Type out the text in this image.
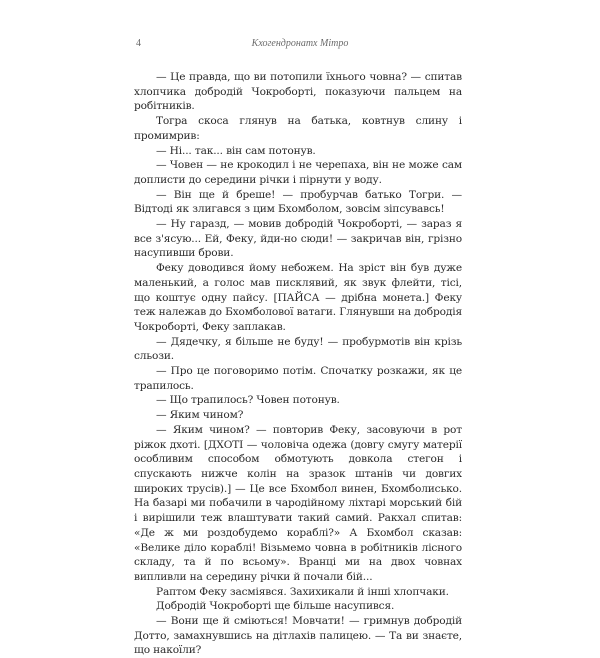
4	Кхогендронатх Мітро

— Це правда, що ви потопили їхнього човна? — спитав хлопчика добродій Чокроборті, показуючи пальцем на робітників.

Тогра скоса глянув на батька, ковтнув слину і промимрив:

— Ні... так... він сам потонув.

— Човен — не крокодил і не черепаха, він не може сам доплисти до середини річки і пірнути у воду.

— Він ще й бреше! — пробурчав батько Тогри. — Відтоді як злигався з цим Бхомболом, зовсім зіпсувавсь!

— Ну гаразд, — мовив добродій Чокроборті, — зараз я все з'ясую... Ей, Феку, йди-но сюди! — закричав він, грізно насупивши брови.

Феку доводився йому небожем. На зріст він був дуже маленький, а голос мав писклявий, як звук флейти, тісі, що коштує одну пайсу. [ПАЙСА — дрібна монета.] Феку теж належав до Бхомболової ватаги. Глянувши на добродія Чокроборті, Феку заплакав.

— Дядечку, я більше не буду! — пробурмотів він крізь сльози.

— Про це поговоримо потім. Спочатку розкажи, як це трапилось.

— Що трапилось? Човен потонув.

— Яким чином?

— Яким чином? — повторив Феку, засовуючи в рот ріжок дхоті. [ДХОТІ — чоловіча одежа (довгу смугу матерії особливим способом обмотують довкола стегон і спускають нижче колін на зразок штанів чи довгих широких трусів).] — Це все Бхомбол винен, Бхомболисько. На базарі ми побачили в чародійному ліхтарі морський бій і вирішили теж влаштувати такий самий. Ракхал спитав: «Де ж ми роздобудемо кораблі?» А Бхомбол сказав: «Велике діло кораблі! Візьмемо човна в робітників лісного складу, та й по всьому». Вранці ми на двох човнах випливли на середину річки й почали бій...

Раптом Феку засміявся. Захихикали й інші хлопчаки.

Добродій Чокроборті ще більше насупився.

— Вони ще й сміються! Мовчати! — гримнув добродій Дотто, замахнувшись на дітлахів палицею. — Та ви знаєте, що накоїли?
